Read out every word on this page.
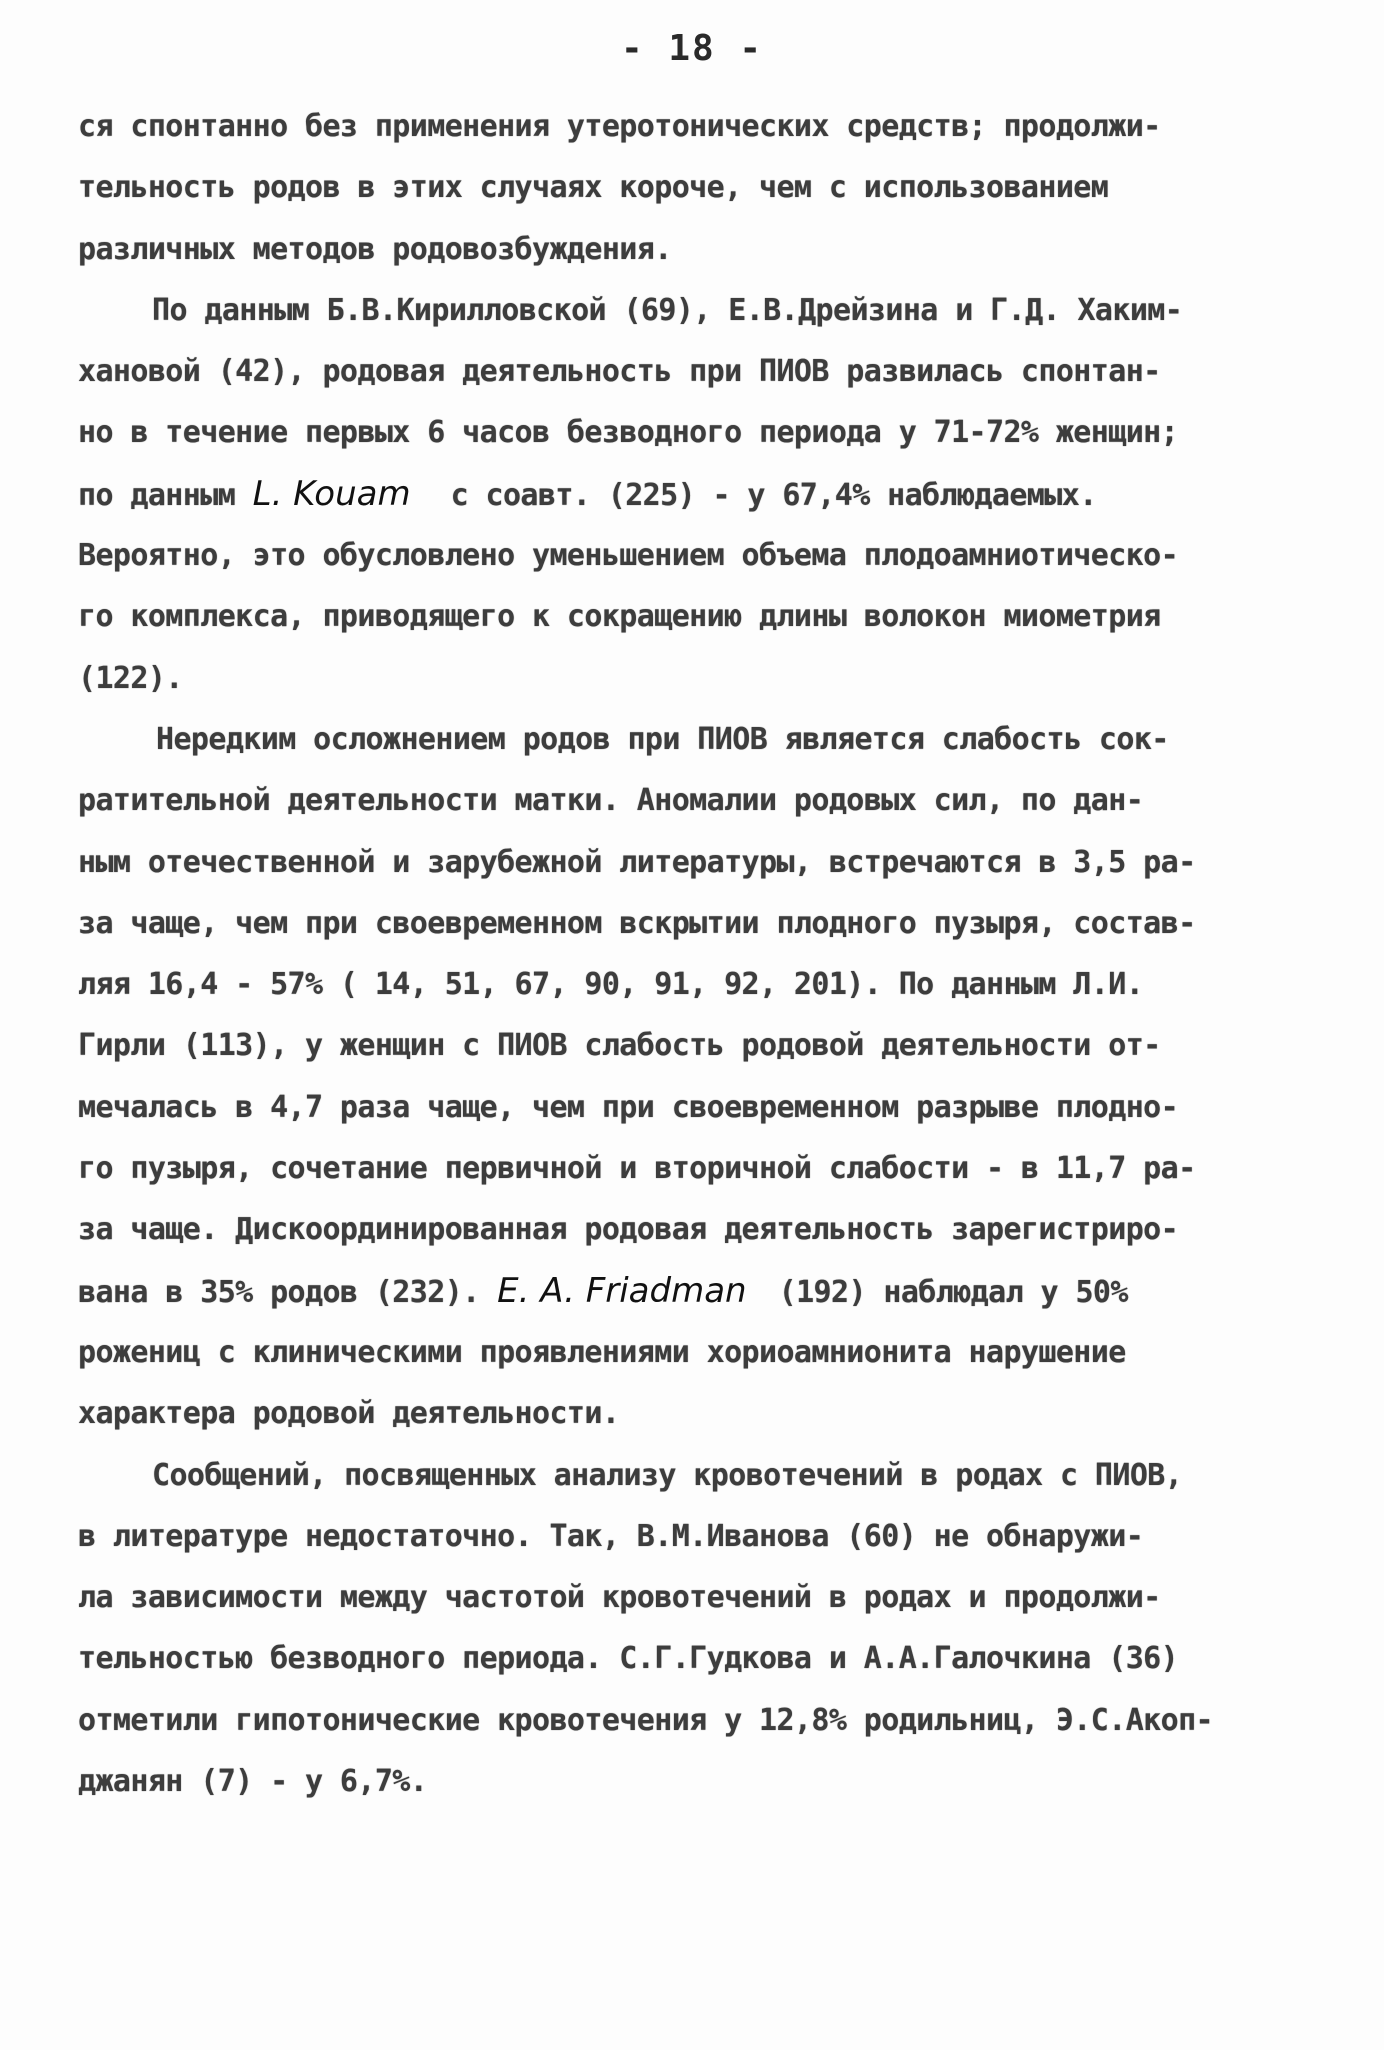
- 18 -
ся спонтанно без применения утеротонических средств; продолжи-
тельность родов в этих случаях короче, чем с использованием
различных методов родовозбуждения.
По данным Б.В.Кирилловской (69), Е.В.Дрейзина и Г.Д. Хаким-
хановой (42), родовая деятельность при ПИОВ развилась спонтан-
но в течение первых 6 часов безводного периода у 71-72% женщин;
по данным L. Kouam с соавт. (225) - у 67,4% наблюдаемых.
Вероятно, это обусловлено уменьшением объема плодоамниотическо-
го комплекса, приводящего к сокращению длины волокон миометрия
(122).
Нередким осложнением родов при ПИОВ является слабость сок-
ратительной деятельности матки. Аномалии родовых сил, по дан-
ным отечественной и зарубежной литературы, встречаются в 3,5 ра-
за чаще, чем при своевременном вскрытии плодного пузыря, состав-
ляя 16,4 - 57% ( 14, 51, 67, 90, 91, 92, 201). По данным Л.И.
Гирли (113), у женщин с ПИОВ слабость родовой деятельности от-
мечалась в 4,7 раза чаще, чем при своевременном разрыве плодно-
го пузыря, сочетание первичной и вторичной слабости - в 11,7 ра-
за чаще. Дискоординированная родовая деятельность зарегистриро-
вана в 35% родов (232). E. A. Friadman (192) наблюдал у 50%
рожениц с клиническими проявлениями хориоамнионита нарушение
характера родовой деятельности.
Сообщений, посвященных анализу кровотечений в родах с ПИОВ,
в литературе недостаточно. Так, В.М.Иванова (60) не обнаружи-
ла зависимости между частотой кровотечений в родах и продолжи-
тельностью безводного периода. С.Г.Гудкова и А.А.Галочкина (36)
отметили гипотонические кровотечения у 12,8% родильниц, Э.С.Акоп-
джанян (7) - у 6,7%.
